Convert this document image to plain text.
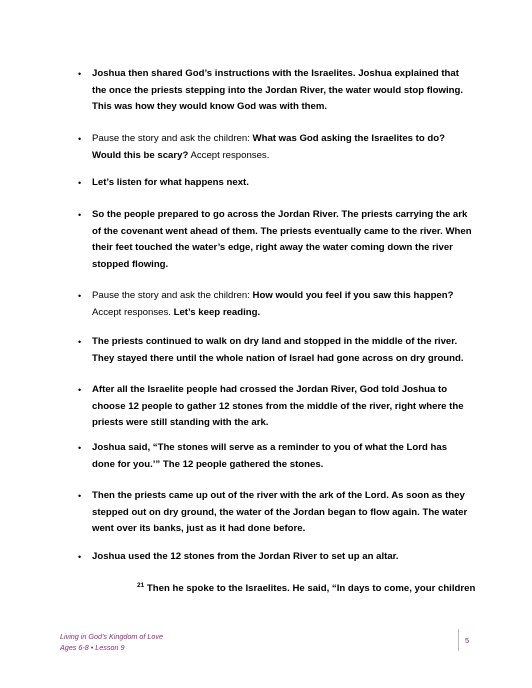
• Joshua then shared God’s instructions with the Israelites. Joshua explained that the once the priests stepping into the Jordan River, the water would stop flowing. This was how they would know God was with them.
• Pause the story and ask the children: What was God asking the Israelites to do? Would this be scary? Accept responses.
• Let’s listen for what happens next.
• So the people prepared to go across the Jordan River. The priests carrying the ark of the covenant went ahead of them. The priests eventually came to the river. When their feet touched the water’s edge, right away the water coming down the river stopped flowing.
• Pause the story and ask the children: How would you feel if you saw this happen? Accept responses. Let’s keep reading.
• The priests continued to walk on dry land and stopped in the middle of the river. They stayed there until the whole nation of Israel had gone across on dry ground.
• After all the Israelite people had crossed the Jordan River, God told Joshua to choose 12 people to gather 12 stones from the middle of the river, right where the priests were still standing with the ark.
• Joshua said, “The stones will serve as a reminder to you of what the Lord has done for you.’” The 12 people gathered the stones.
• Then the priests came up out of the river with the ark of the Lord. As soon as they stepped out on dry ground, the water of the Jordan began to flow again. The water went over its banks, just as it had done before.
• Joshua used the 12 stones from the Jordan River to set up an altar.
$^{21}$ Then he spoke to the Israelites. He said, “In days to come, your children
Living in God’s Kingdom of Love
Ages 6-8 • Lesson 9
5
